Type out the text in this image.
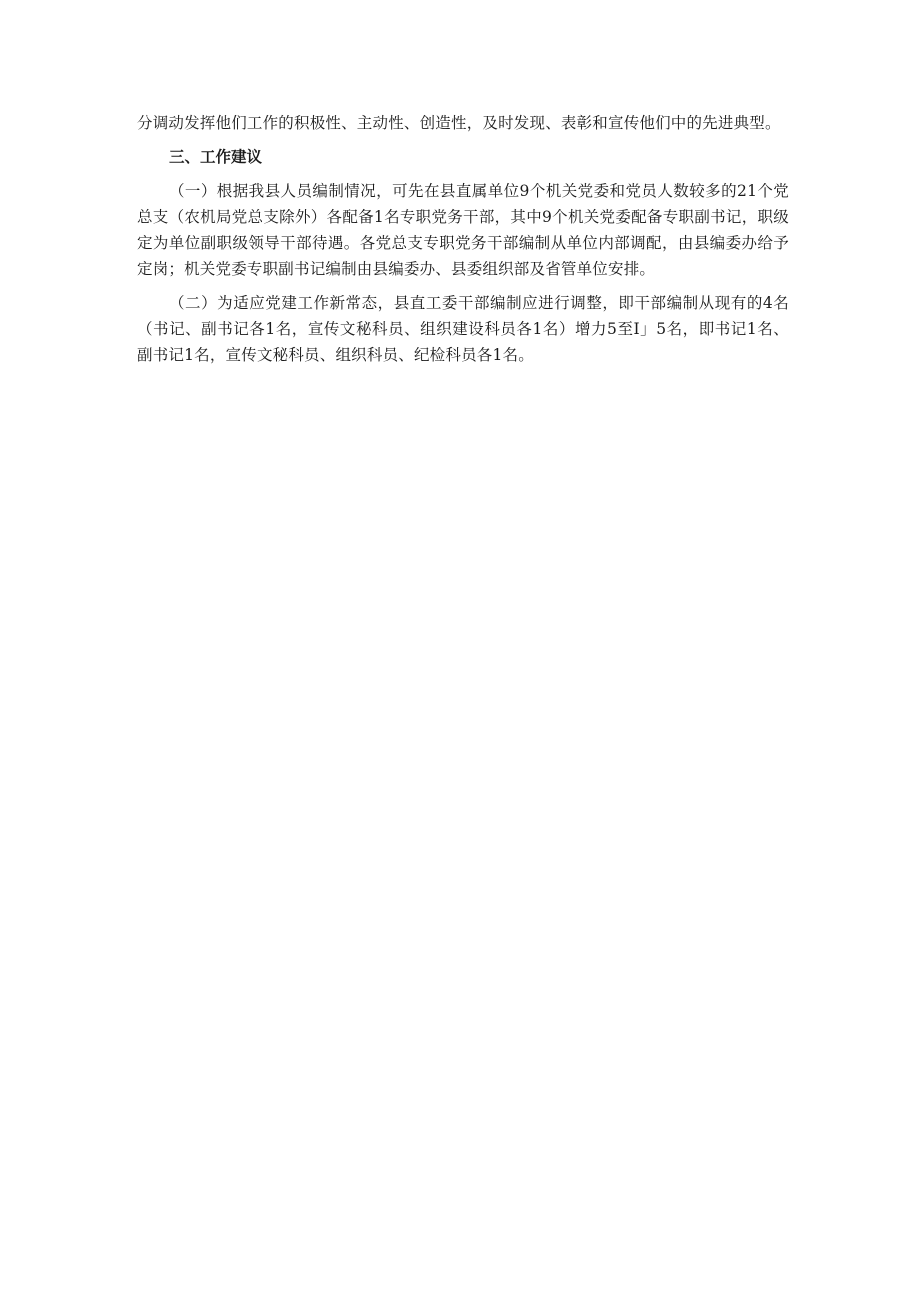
分调动发挥他们工作的积极性、主动性、创造性，及时发现、表彰和宣传他们中的先进典型。

三、工作建议

（一）根据我县人员编制情况，可先在县直属单位9个机关党委和党员人数较多的21个党总支（农机局党总支除外）各配备1名专职党务干部，其中9个机关党委配备专职副书记，职级定为单位副职级领导干部待遇。各党总支专职党务干部编制从单位内部调配，由县编委办给予定岗；机关党委专职副书记编制由县编委办、县委组织部及省管单位安排。

（二）为适应党建工作新常态，县直工委干部编制应进行调整，即干部编制从现有的4名（书记、副书记各1名，宣传文秘科员、组织建设科员各1名）增力5至I」5名，即书记1名、副书记1名，宣传文秘科员、组织科员、纪检科员各1名。
